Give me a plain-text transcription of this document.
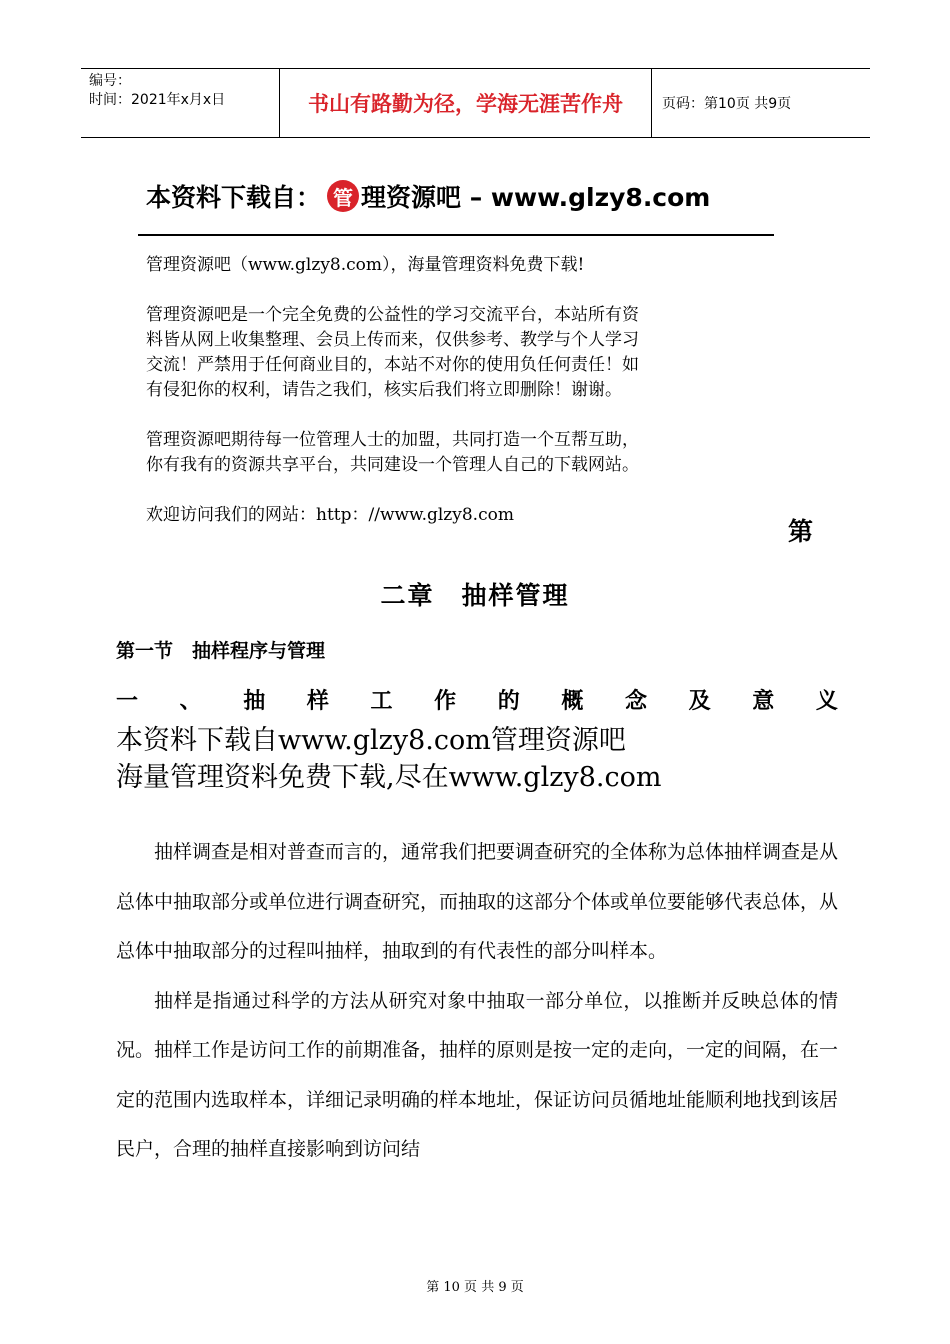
编号：
时间：2021年x月x日	书山有路勤为径，学海无涯苦作舟	页码：第10页 共9页
本资料下载自： 管 理资源吧 – www.glzy8.com
管理资源吧（www.glzy8.com），海量管理资料免费下载!
管理资源吧是一个完全免费的公益性的学习交流平台，本站所有资
料皆从网上收集整理、会员上传而来，仅供参考、教学与个人学习
交流！严禁用于任何商业目的，本站不对你的使用负任何责任！如
有侵犯你的权利，请告之我们，核实后我们将立即删除！谢谢。
管理资源吧期待每一位管理人士的加盟，共同打造一个互帮互助，
你有我有的资源共享平台，共同建设一个管理人自己的下载网站。
欢迎访问我们的网站：http：//www.glzy8.com
第
二章　抽样管理
第一节　抽样程序与管理
一 、 抽 样 工 作 的 概 念 及 意 义
本资料下载自www.glzy8.com管理资源吧
海量管理资料免费下载,尽在www.glzy8.com

抽样调查是相对普查而言的，通常我们把要调查研究的全体称为总体抽样调查是从总体中抽取部分或单位进行调查研究，而抽取的这部分个体或单位要能够代表总体，从总体中抽取部分的过程叫抽样，抽取到的有代表性的部分叫样本。

抽样是指通过科学的方法从研究对象中抽取一部分单位，以推断并反映总体的情况。抽样工作是访问工作的前期准备，抽样的原则是按一定的走向，一定的间隔，在一定的范围内选取样本，详细记录明确的样本地址，保证访问员循地址能顺利地找到该居民户，合理的抽样直接影响到访问结

第 10 页 共 9 页
